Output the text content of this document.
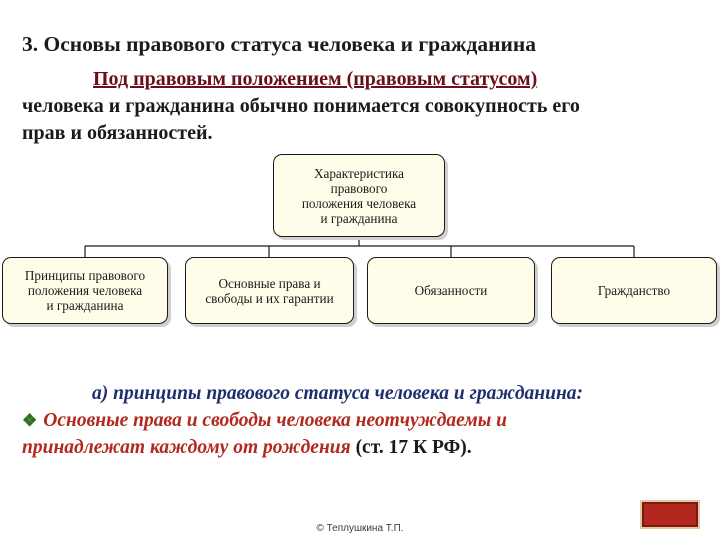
3. Основы правового статуса человека и гражданина
Под правовым положением (правовым статусом)
человека и гражданина обычно понимается совокупность его
прав и обязанностей.
Характеристика
правового
положения человека
и гражданина
Принципы правового
положения человека
и гражданина
Основные права и
свободы и их гарантии	Обязанности	Гражданство
а) принципы правового статуса человека и гражданина:
❖ Основные права и свободы человека неотчуждаемы и
принадлежат каждому от рождения (ст. 17 К РФ).
© Теплушкина Т.П.
